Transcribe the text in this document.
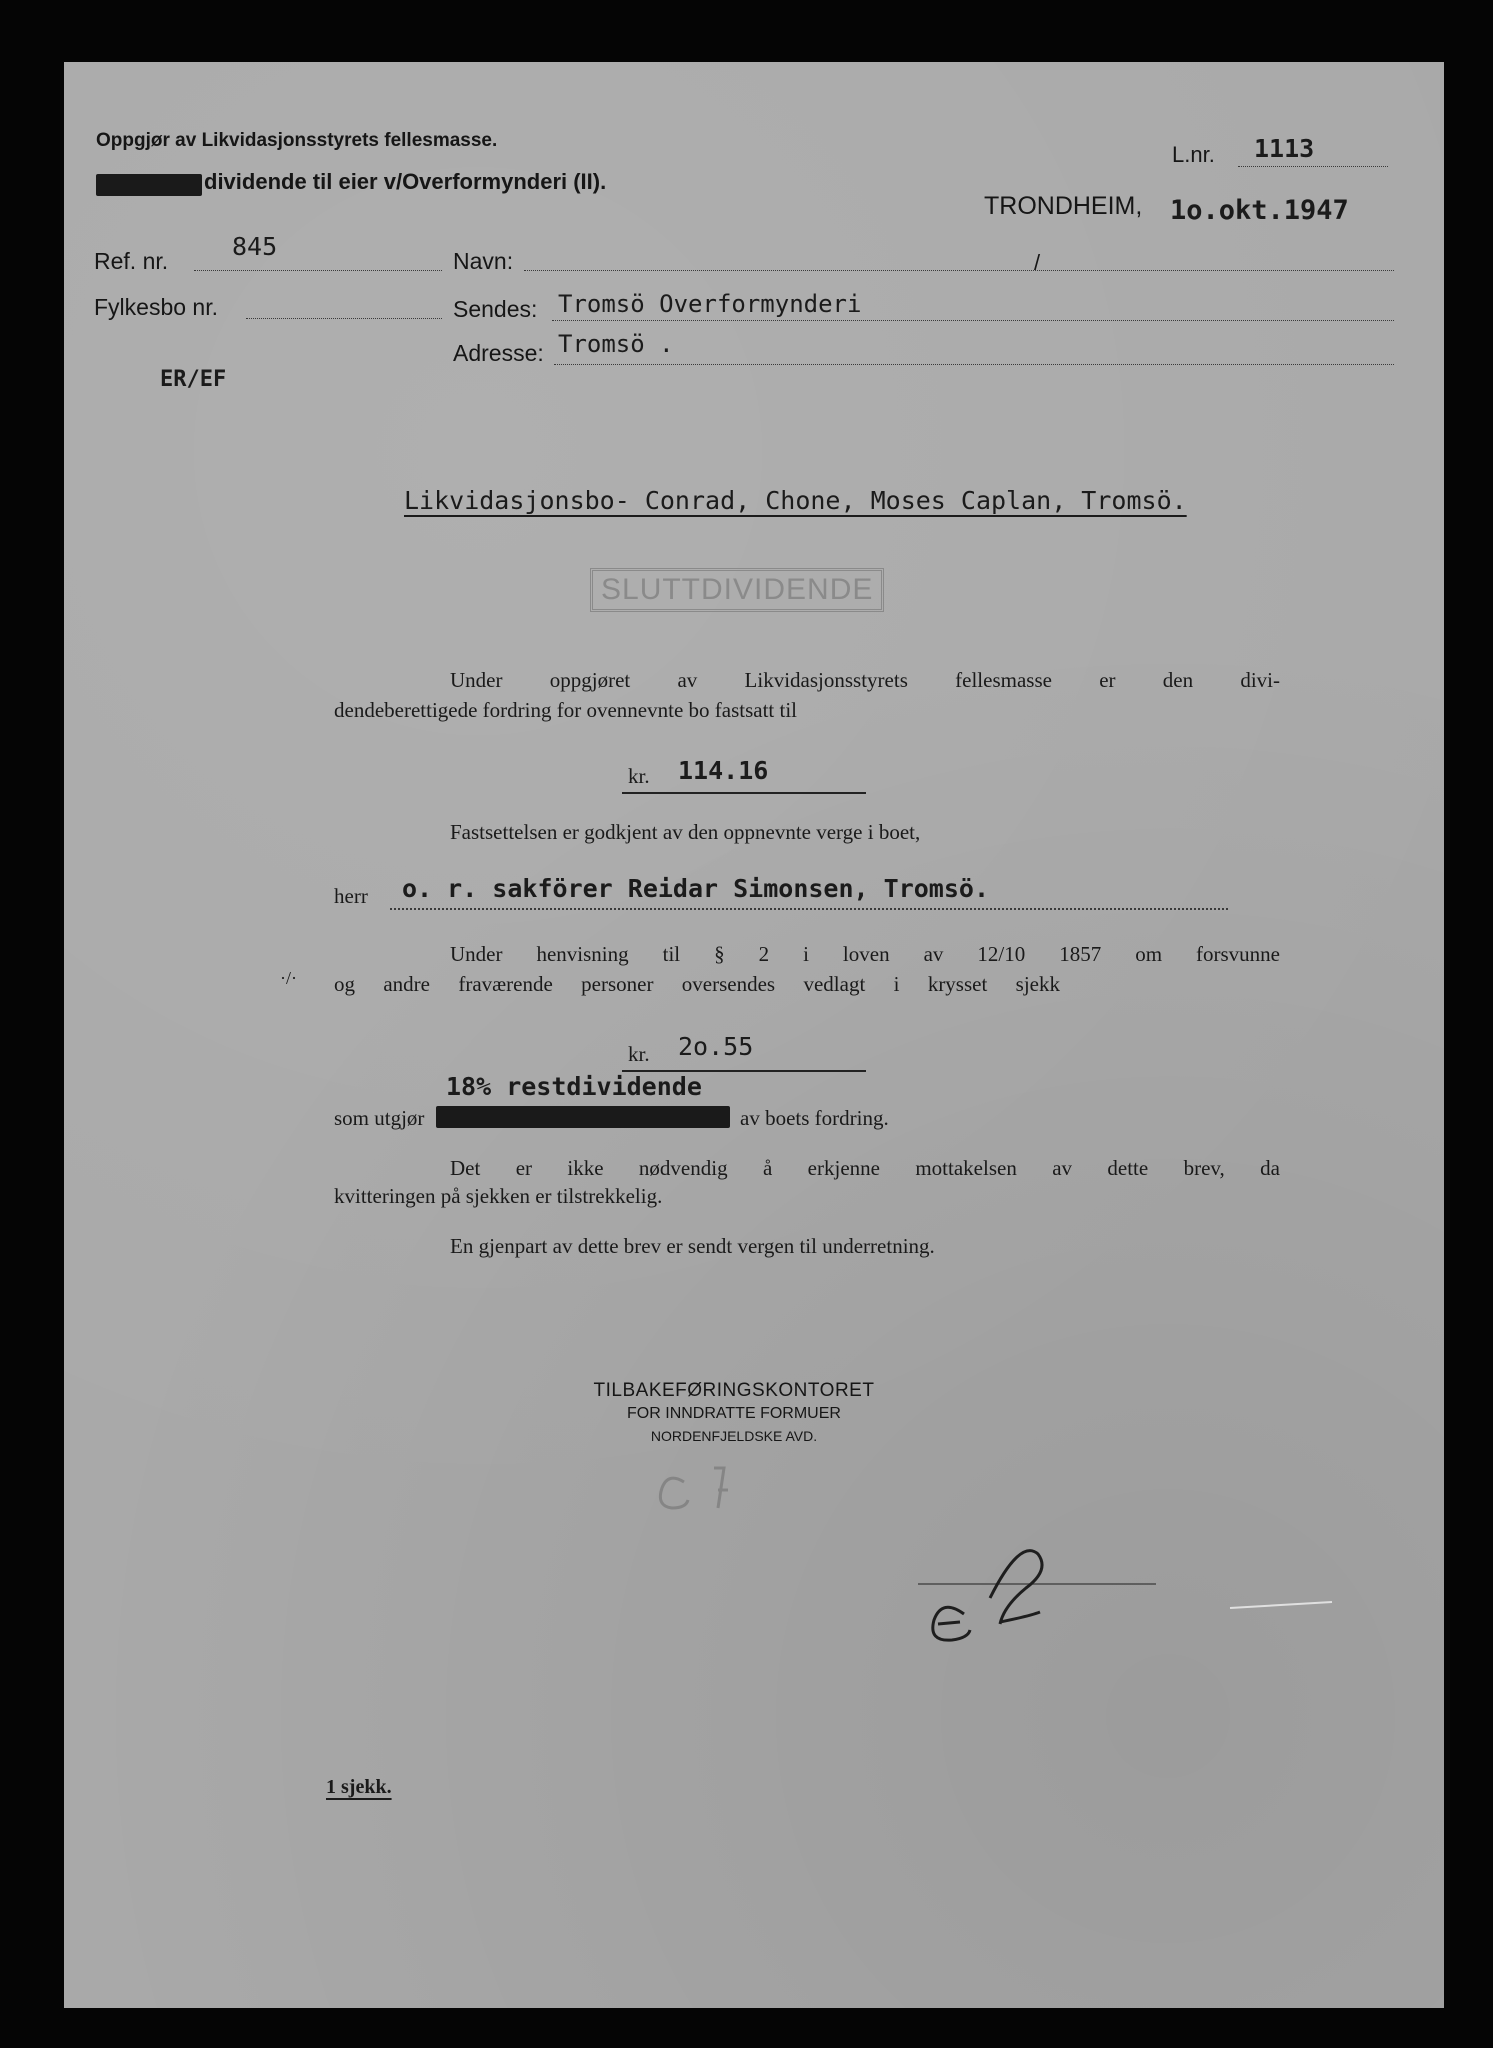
Oppgjør av Likvidasjonsstyrets fellesmasse.
dividende til eier v/Overformynderi (II).
L.nr. 1113
TRONDHEIM, 1o.okt.1947
Ref. nr.	845
Fylkesbo nr.
ER/EF
Navn:	/
Sendes: Tromsö Overformynderi
Adresse: Tromsö .
Likvidasjonsbo- Conrad, Chone, Moses Caplan, Tromsö.
SLUTTDIVIDENDE
Under oppgjøret av Likvidasjonsstyrets fellesmasse er den divi-
dendeberettigede fordring for ovennevnte bo fastsatt til
kr. 114.16
Fastsettelsen er godkjent av den oppnevnte verge i boet,
herr o. r. sakförer Reidar Simonsen, Tromsö.
Under henvisning til § 2 i loven av 12/10 1857 om forsvunne
·/· og andre fraværende personer oversendes vedlagt i krysset sjekk
kr. 2o.55
18% restdividende
som utgjør	av boets fordring.
Det er ikke nødvendig å erkjenne mottakelsen av dette brev, da
kvitteringen på sjekken er tilstrekkelig.
En gjenpart av dette brev er sendt vergen til underretning.
TILBAKEFØRINGSKONTORET
FOR INNDRATTE FORMUER
NORDENFJELDSKE AVD.
1 sjekk.
